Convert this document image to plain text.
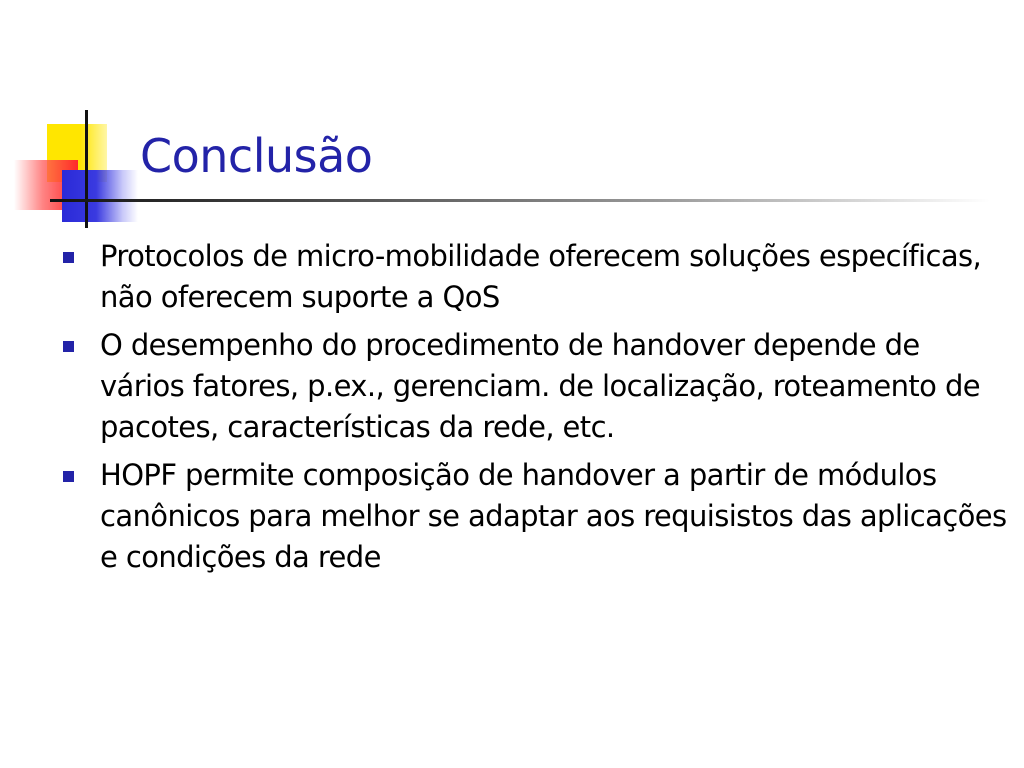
Conclusão
Protocolos de micro-mobilidade oferecem soluções específicas, não oferecem suporte a QoS
O desempenho do procedimento de handover depende de vários fatores, p.ex., gerenciam. de localização, roteamento de pacotes, características da rede, etc.
HOPF permite composição de handover a partir de módulos canônicos para melhor se adaptar aos requisistos das aplicações e condições da rede
